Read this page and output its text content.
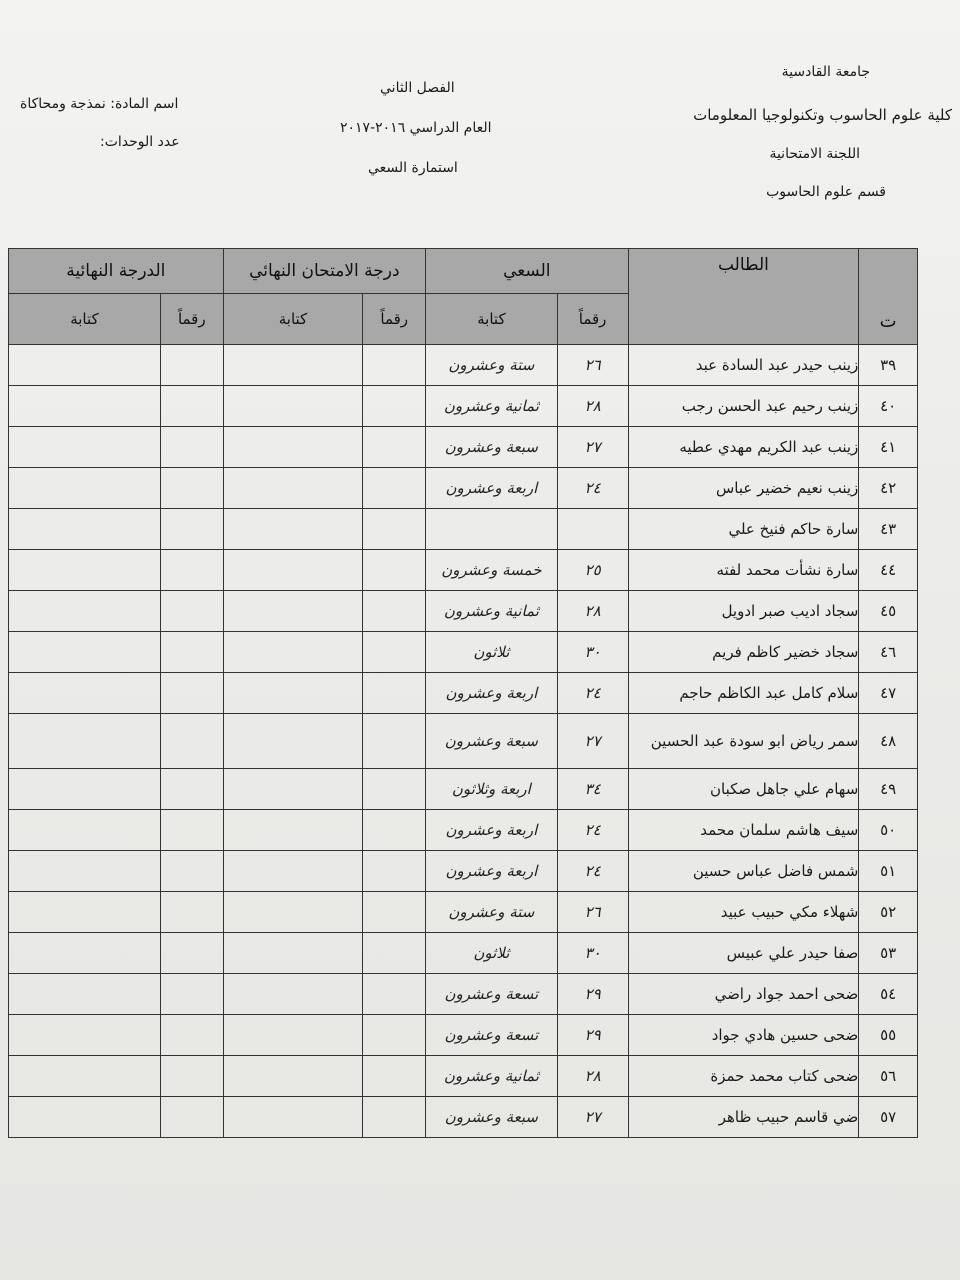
جامعة القادسية
كلية علوم الحاسوب وتكنولوجيا المعلومات
اللجنة الامتحانية
قسم علوم الحاسوب
الفصل الثاني
العام الدراسي ٢٠١٦-٢٠١٧
استمارة السعي
اسم المادة: نمذجة ومحاكاة
عدد الوحدات:
ت	الطالب	السعي		درجة الامتحان النهائي		الدرجة النهائية	
		رقماً	كتابة	رقماً	كتابة	رقماً	كتابة
٣٩	زينب حيدر عبد السادة عبد	٢٦	ستة وعشرون				
٤٠	زينب رحيم عبد الحسن رجب	٢٨	ثمانية وعشرون				
٤١	زينب عبد الكريم مهدي عطيه	٢٧	سبعة وعشرون				
٤٢	زينب نعيم خضير عباس	٢٤	اربعة وعشرون				
٤٣	سارة حاكم فنيخ علي						
٤٤	سارة نشأت محمد لفته	٢٥	خمسة وعشرون				
٤٥	سجاد اديب صبر ادويل	٢٨	ثمانية وعشرون				
٤٦	سجاد خضير كاظم فريم	٣٠	ثلاثون				
٤٧	سلام كامل عبد الكاظم حاجم	٢٤	اربعة وعشرون				
٤٨	سمر رياض ابو سودة عبد الحسين	٢٧	سبعة وعشرون				
٤٩	سهام علي جاهل صكبان	٣٤	اربعة وثلاثون				
٥٠	سيف هاشم سلمان محمد	٢٤	اربعة وعشرون				
٥١	شمس فاضل عباس حسين	٢٤	اربعة وعشرون				
٥٢	شهلاء مكي حبيب عبيد	٢٦	ستة وعشرون				
٥٣	صفا حيدر علي عبيس	٣٠	ثلاثون				
٥٤	ضحى احمد جواد راضي	٢٩	تسعة وعشرون				
٥٥	ضحى حسين هادي جواد	٢٩	تسعة وعشرون				
٥٦	ضحى كتاب محمد حمزة	٢٨	ثمانية وعشرون				
٥٧	ضي قاسم حبيب ظاهر	٢٧	سبعة وعشرون				
